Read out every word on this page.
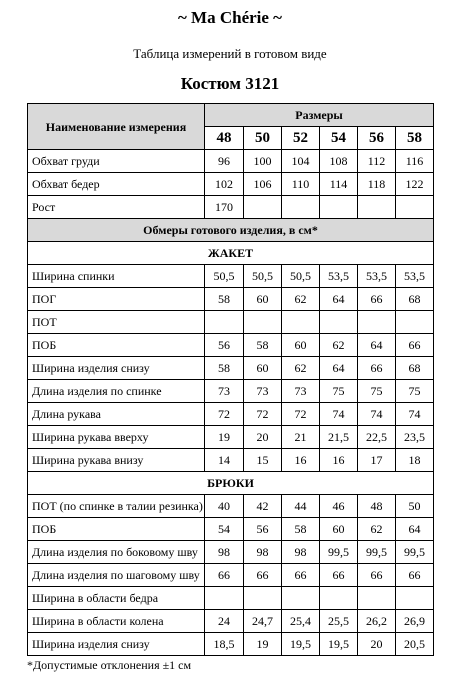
~ Ma Chérie ~
Таблица измерений в готовом виде
Костюм 3121
Наименование измерения	Размеры					
	48	50	52	54	56	58
Обхват груди	96	100	104	108	112	116
Обхват бедер	102	106	110	114	118	122
Рост	170					
Обмеры готового изделия, в см*						
ЖАКЕТ						
Ширина спинки	50,5	50,5	50,5	53,5	53,5	53,5
ПОГ	58	60	62	64	66	68
ПОТ						
ПОБ	56	58	60	62	64	66
Ширина изделия снизу	58	60	62	64	66	68
Длина изделия по спинке	73	73	73	75	75	75
Длина рукава	72	72	72	74	74	74
Ширина рукава вверху	19	20	21	21,5	22,5	23,5
Ширина рукава внизу	14	15	16	16	17	18
БРЮКИ						
ПОТ (по спинке в талии резинка)	40	42	44	46	48	50
ПОБ	54	56	58	60	62	64
Длина изделия по боковому шву	98	98	98	99,5	99,5	99,5
Длина изделия по шаговому шву	66	66	66	66	66	66
Ширина в области бедра						
Ширина в области колена	24	24,7	25,4	25,5	26,2	26,9
Ширина изделия снизу	18,5	19	19,5	19,5	20	20,5
*Допустимые отклонения ±1 см
